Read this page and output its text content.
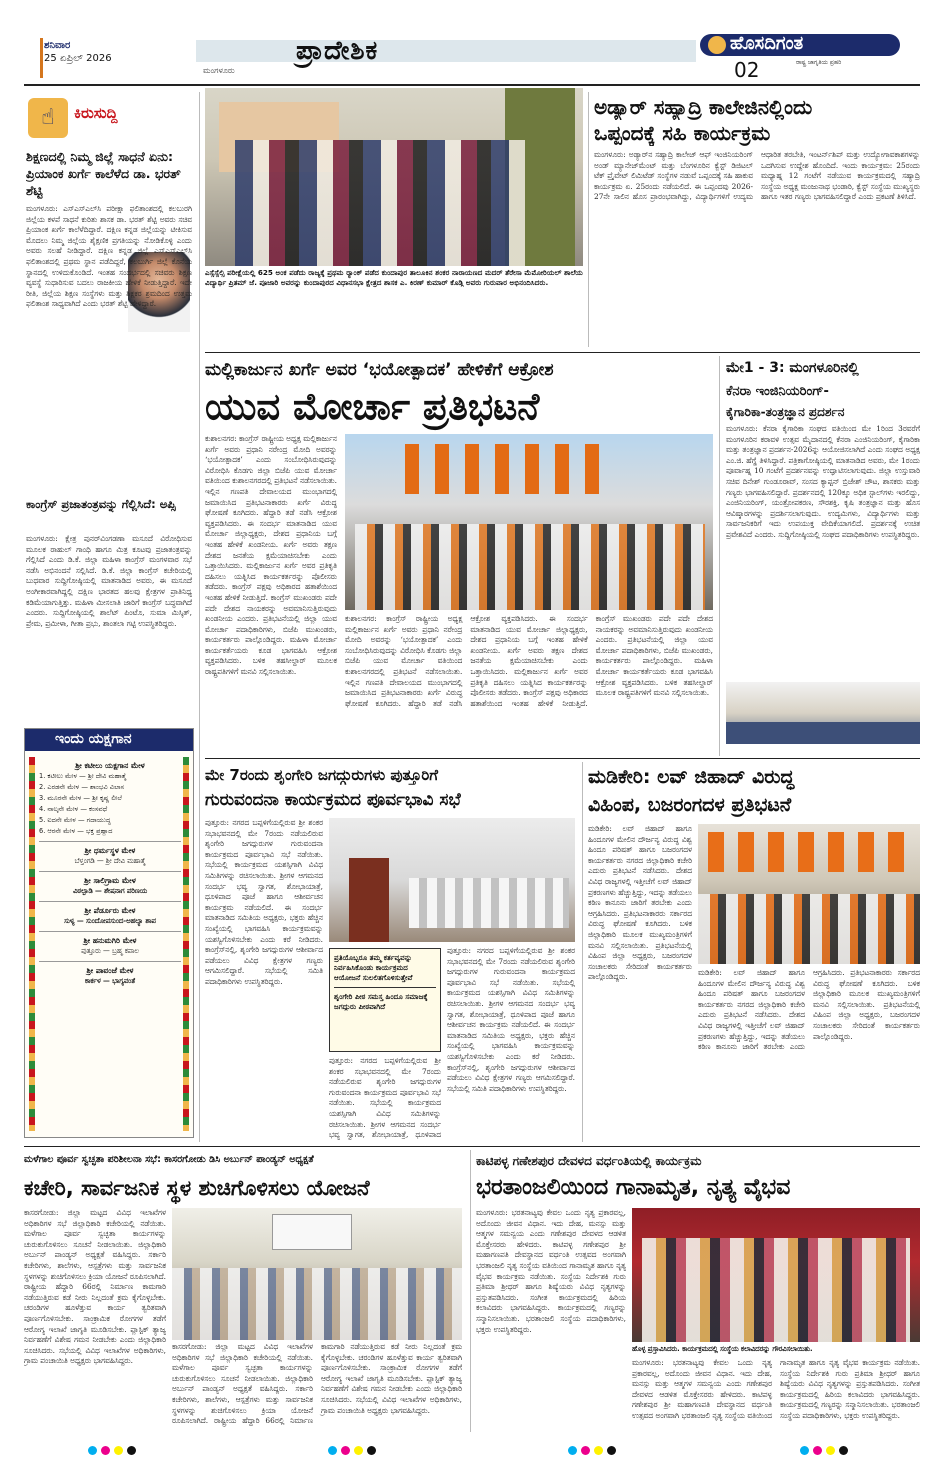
ಶನಿವಾರ
25 ಏಪ್ರಿಲ್ 2026
ಮಂಗಳೂರು
ಪ್ರಾದೇಶಿಕ	ಹೊಸದಿಗಂತ
ರಾಷ್ಟ್ರ ಜಾಗೃತಿಯ ಪ್ರಹರಿ
02
☝	ಕಿರುಸುದ್ದಿ
ಶಿಕ್ಷಣದಲ್ಲಿ ನಿಮ್ಮ ಜಿಲ್ಲೆ ಸಾಧನೆ ಏನು: ಪ್ರಿಯಾಂಕ ಖರ್ಗೆ ಕಾಲೆಳೆದ ಡಾ. ಭರತ್ ಶೆಟ್ಟಿ
ಮಂಗಳೂರು: ಎಸ್‌ಎಸ್‌ಎಲ್‌ಸಿ ಪರೀಕ್ಷಾ ಫಲಿತಾಂಶದಲ್ಲಿ ಕಲಬುರಗಿ ಜಿಲ್ಲೆಯ ಕಳಪೆ ಸಾಧನೆ ಕುರಿತು ಶಾಸಕ ಡಾ. ಭರತ್ ಶೆಟ್ಟಿ ಅವರು ಸಚಿವ ಪ್ರಿಯಾಂಕ ಖರ್ಗೆ ಕಾಲೆಳೆದಿದ್ದಾರೆ. ದಕ್ಷಿಣ ಕನ್ನಡ ಜಿಲ್ಲೆಯನ್ನು ಟೀಕಿಸುವ ಮೊದಲು ನಿಮ್ಮ ಜಿಲ್ಲೆಯ ಶೈಕ್ಷಣಿಕ ಪ್ರಗತಿಯನ್ನು ನೋಡಿಕೊಳ್ಳಿ ಎಂದು ಅವರು ಸಲಹೆ ನೀಡಿದ್ದಾರೆ. ದಕ್ಷಿಣ ಕನ್ನಡ ಜಿಲ್ಲೆ ಎಸ್‌ಎಸ್‌ಎಲ್‌ಸಿ ಫಲಿತಾಂಶದಲ್ಲಿ ಪ್ರಥಮ ಸ್ಥಾನ ಪಡೆದಿದ್ದರೆ, ಕಲಬುರ್ಗಿ ಜಿಲ್ಲೆ ಕೊನೆಯ ಸ್ಥಾನದಲ್ಲಿ ಉಳಿದುಕೊಂಡಿದೆ. ಇಂತಹ ಸಂದರ್ಭದಲ್ಲಿ ಸಚಿವರು ಶಿಕ್ಷಣ ವ್ಯವಸ್ಥೆ ಸುಧಾರಿಸುವ ಬದಲು ರಾಜಕೀಯ ಹೇಳಿಕೆ ನೀಡುತ್ತಿದ್ದಾರೆ. ಇದೇ ರೀತಿ, ಜಿಲ್ಲೆಯ ಶಿಕ್ಷಣ ಸಂಸ್ಥೆಗಳು ಮತ್ತು ಶಿಕ್ಷಕರ ಶ್ರಮದಿಂದ ಉತ್ತಮ ಫಲಿತಾಂಶ ಸಾಧ್ಯವಾಗಿದೆ ಎಂದು ಭರತ್ ಶೆಟ್ಟಿ ಹೇಳಿದ್ದಾರೆ.
ಕಾಂಗ್ರೆಸ್ ಪ್ರಜಾತಂತ್ರವನ್ನು ಗೆಲ್ಲಿಸಿದೆ: ಅಪ್ಸಿ
ಮಂಗಳೂರು: ಕ್ಷೇತ್ರ ಪುನರ್‌ವಿಂಗಡಣಾ ಮಸೂದೆ ವಿರೋಧಿಸುವ ಮೂಲಕ ರಾಹುಲ್ ಗಾಂಧಿ ಹಾಗೂ ಮಿತ್ರ ಕೂಟವು ಪ್ರಜಾತಂತ್ರವನ್ನು ಗೆಲ್ಲಿಸಿದೆ ಎಂದು ಡಿ.ಕೆ. ಜಿಲ್ಲಾ ಮಹಿಳಾ ಕಾಂಗ್ರೆಸ್ ಮಂಗಳವಾರ ಸಭೆ ನಡೆಸಿ ಅಭಿನಂದನೆ ಸಲ್ಲಿಸಿದೆ. ಡಿ.ಕೆ. ಜಿಲ್ಲಾ ಕಾಂಗ್ರೆಸ್ ಕಚೇರಿಯಲ್ಲಿ ಬುಧವಾರ ಸುದ್ದಿಗೋಷ್ಠಿಯಲ್ಲಿ ಮಾತನಾಡಿದ ಅವರು, ಈ ಮಸೂದೆ ಅಂಗೀಕಾರವಾಗಿದ್ದಲ್ಲಿ ದಕ್ಷಿಣ ಭಾರತದ ಹಲವು ಕ್ಷೇತ್ರಗಳ ಪ್ರಾತಿನಿಧ್ಯ ಕಡಿಮೆಯಾಗುತ್ತಿತ್ತು. ಮಹಿಳಾ ಮೀಸಲಾತಿ ಜಾರಿಗೆ ಕಾಂಗ್ರೆಸ್ ಬದ್ಧವಾಗಿದೆ ಎಂದರು. ಸುದ್ದಿಗೋಷ್ಠಿಯಲ್ಲಿ ಶಾಲೆಟ್ ಪಿಂಟೊ, ಸುಮಾ ಮಿಸ್ಕಿತ್, ಪ್ರೇಮ, ಪ್ರಮೀಳಾ, ಗೀತಾ ಪ್ರಭು, ಶಾಂತಲಾ ಗಟ್ಟಿ ಉಪಸ್ಥಿತರಿದ್ದರು.
ಇಂದು ಯಕ್ಷಗಾನ
ಶ್ರೀ ಕಟೀಲು ಯಕ್ಷಗಾನ ಮೇಳ
1. ಕಟೀಲು ಮೇಳ — ಶ್ರೀ ದೇವಿ ಮಹಾತ್ಮೆ
2. ಎರಡನೇ ಮೇಳ — ಶಾಂಭವಿ ವಿಲಾಸ
3. ಮೂರನೇ ಮೇಳ — ಶ್ರೀ ಕೃಷ್ಣ ಲೀಲೆ
4. ನಾಲ್ಕನೇ ಮೇಳ — ಕಂಸವಧೆ
5. ಐದನೇ ಮೇಳ — ಗದಾಯುದ್ಧ
6. ಆರನೇ ಮೇಳ — ಭಕ್ತ ಪ್ರಹ್ಲಾದ
ಶ್ರೀ ಧರ್ಮಸ್ಥಳ ಮೇಳ
ಬೆಳ್ತಂಗಡಿ — ಶ್ರೀ ದೇವಿ ಮಹಾತ್ಮೆ
ಶ್ರೀ ಸಾಲಿಗ್ರಾಮ ಮೇಳ
ವಿಠಲ್ಪಾಡಿ — ಶೇಷನಾಗ ಪರಿಣಯ
ಶ್ರೀ ಪೆರ್ಡೂರು ಮೇಳ
ಸುಳ್ಯ — ಸುಂದೋಪಸುಂದ-ಅಹಲ್ಯಾ ಶಾಪ
ಶ್ರೀ ಹನುಮಗಿರಿ ಮೇಳ
ಪುತ್ತೂರು — ಬ್ರಹ್ಮ ಕಪಾಲ
ಶ್ರೀ ಪಾವಂಜೆ ಮೇಳ
ಕಾರ್ಕಳ — ಭಾಗ್ಯವಂತೆ
ಎಸ್ಸೆಸ್ಸೆಲ್ಸಿ ಪರೀಕ್ಷೆಯಲ್ಲಿ 625 ಅಂಕ ಪಡೆದು ರಾಜ್ಯಕ್ಕೆ ಪ್ರಥಮ ರ‍್ಯಾಂಕ್ ಪಡೆದ ಕುಂದಾಪುರ ತಾಲೂಕಿನ ಶಂಕರ ನಾರಾಯಣದ ಮದರ್ ತೆರೇಸಾ ಮೆಮೋರಿಯಲ್ ಶಾಲೆಯ ವಿದ್ಯಾರ್ಥಿ ಪ್ರಿತಮ್ ಜೆ. ಪೂಜಾರಿ ಅವರನ್ನು ಕುಂದಾಪುರದ ವಿಧಾನಸಭಾ ಕ್ಷೇತ್ರದ ಶಾಸಕ ಎ. ಕಿರಣ್ ಕುಮಾರ್ ಕೊಡ್ಗಿ ಅವರು ಗುರುವಾರ ಅಭಿನಂದಿಸಿದರು.
ಅಡ್ಯಾರ್ ಸಹ್ಯಾದ್ರಿ ಕಾಲೇಜಿನಲ್ಲಿಂದು
ಒಪ್ಪಂದಕ್ಕೆ ಸಹಿ ಕಾರ್ಯಕ್ರಮ
ಮಂಗಳೂರು: ಅಡ್ಯಾರ್‌ನ ಸಹ್ಯಾದ್ರಿ ಕಾಲೇಜ್ ಆಫ್ ಇಂಜಿನಿಯರಿಂಗ್ ಅಂಡ್ ಮ್ಯಾನೇಜ್‌ಮೆಂಟ್ ಮತ್ತು ಬೆಂಗಳೂರಿನ ಕ್ವೆಸ್ಟ್ ಡಿಜಿಟಲ್ ಟೆಕ್ ಪ್ರೈವೇಟ್ ಲಿಮಿಟೆಡ್ ಸಂಸ್ಥೆಗಳ ನಡುವೆ ಒಪ್ಪಂದಕ್ಕೆ ಸಹಿ ಹಾಕುವ ಕಾರ್ಯಕ್ರಮ ಏ. 25ರಂದು ನಡೆಯಲಿದೆ. ಈ ಒಪ್ಪಂದವು 2026-27ನೇ ಸಾಲಿನ ಹೊಸ ಪ್ರಾರಂಭವಾಗಿದ್ದು, ವಿದ್ಯಾರ್ಥಿಗಳಿಗೆ ಉದ್ಯಮ ಆಧಾರಿತ ತರಬೇತಿ, ಇಂಟರ್ನ್‌ಶಿಪ್ ಮತ್ತು ಉದ್ಯೋಗಾವಕಾಶಗಳನ್ನು ಒದಗಿಸುವ ಉದ್ದೇಶ ಹೊಂದಿದೆ. ಇಂದು ಕಾರ್ಯಕ್ರಮ: 25ರಂದು ಮಧ್ಯಾಹ್ನ 12 ಗಂಟೆಗೆ ನಡೆಯುವ ಕಾರ್ಯಕ್ರಮದಲ್ಲಿ ಸಹ್ಯಾದ್ರಿ ಸಂಸ್ಥೆಯ ಅಧ್ಯಕ್ಷ ಮಂಜುನಾಥ ಭಂಡಾರಿ, ಕ್ವೆಸ್ಟ್ ಸಂಸ್ಥೆಯ ಮುಖ್ಯಸ್ಥರು ಹಾಗೂ ಇತರ ಗಣ್ಯರು ಭಾಗವಹಿಸಲಿದ್ದಾರೆ ಎಂದು ಪ್ರಕಟಣೆ ತಿಳಿಸಿದೆ.
ಮಲ್ಲಿಕಾರ್ಜುನ ಖರ್ಗೆ ಅವರ ‘ಭಯೋತ್ಪಾದಕ’ ಹೇಳಿಕೆಗೆ ಆಕ್ರೋಶ
ಯುವ ಮೋರ್ಚಾ ಪ್ರತಿಭಟನೆ
ಕುಶಾಲನಗರ: ಕಾಂಗ್ರೆಸ್ ರಾಷ್ಟ್ರೀಯ ಅಧ್ಯಕ್ಷ ಮಲ್ಲಿಕಾರ್ಜುನ ಖರ್ಗೆ ಅವರು ಪ್ರಧಾನಿ ನರೇಂದ್ರ ಮೋದಿ ಅವರನ್ನು ‘ಭಯೋತ್ಪಾದಕ’ ಎಂದು ಸಂಬೋಧಿಸಿರುವುದನ್ನು ವಿರೋಧಿಸಿ ಕೊಡಗು ಜಿಲ್ಲಾ ಬಿಜೆಪಿ ಯುವ ಮೋರ್ಚಾ ವತಿಯಿಂದ ಕುಶಾಲನಗರದಲ್ಲಿ ಪ್ರತಿಭಟನೆ ನಡೆಸಲಾಯಿತು. ಇಲ್ಲಿನ ಗಣಪತಿ ದೇವಾಲಯದ ಮುಂಭಾಗದಲ್ಲಿ ಜಮಾಯಿಸಿದ ಪ್ರತಿಭಟನಾಕಾರರು ಖರ್ಗೆ ವಿರುದ್ಧ ಘೋಷಣೆ ಕೂಗಿದರು. ಹೆದ್ದಾರಿ ತಡೆ ನಡೆಸಿ ಆಕ್ರೋಶ ವ್ಯಕ್ತಪಡಿಸಿದರು. ಈ ಸಂದರ್ಭ ಮಾತನಾಡಿದ ಯುವ ಮೋರ್ಚಾ ಜಿಲ್ಲಾಧ್ಯಕ್ಷರು, ದೇಶದ ಪ್ರಧಾನಿಯ ಬಗ್ಗೆ ಇಂತಹ ಹೇಳಿಕೆ ಖಂಡನೀಯ. ಖರ್ಗೆ ಅವರು ತಕ್ಷಣ ದೇಶದ ಜನತೆಯ ಕ್ಷಮೆಯಾಚಿಸಬೇಕು ಎಂದು ಒತ್ತಾಯಿಸಿದರು. ಮಲ್ಲಿಕಾರ್ಜುನ ಖರ್ಗೆ ಅವರ ಪ್ರತಿಕೃತಿ ದಹಿಸಲು ಯತ್ನಿಸಿದ ಕಾರ್ಯಕರ್ತರನ್ನು ಪೊಲೀಸರು ತಡೆದರು. ಕಾಂಗ್ರೆಸ್ ಪಕ್ಷವು ಅಧಿಕಾರದ ಹತಾಶೆಯಿಂದ ಇಂತಹ ಹೇಳಿಕೆ ನೀಡುತ್ತಿದೆ. ಕಾಂಗ್ರೆಸ್ ಮುಖಂಡರು ಪದೇ ಪದೇ ದೇಶದ ನಾಯಕರನ್ನು ಅವಮಾನಿಸುತ್ತಿರುವುದು ಖಂಡನೀಯ ಎಂದರು. ಪ್ರತಿಭಟನೆಯಲ್ಲಿ ಜಿಲ್ಲಾ ಯುವ ಮೋರ್ಚಾ ಪದಾಧಿಕಾರಿಗಳು, ಬಿಜೆಪಿ ಮುಖಂಡರು, ಕಾರ್ಯಕರ್ತರು ಪಾಲ್ಗೊಂಡಿದ್ದರು. ಮಹಿಳಾ ಮೋರ್ಚಾ ಕಾರ್ಯಕರ್ತೆಯರು ಕೂಡ ಭಾಗವಹಿಸಿ ಆಕ್ರೋಶ ವ್ಯಕ್ತಪಡಿಸಿದರು. ಬಳಿಕ ತಹಸೀಲ್ದಾರ್ ಮೂಲಕ ರಾಷ್ಟ್ರಪತಿಗಳಿಗೆ ಮನವಿ ಸಲ್ಲಿಸಲಾಯಿತು.
ಕುಶಾಲನಗರ: ಕಾಂಗ್ರೆಸ್ ರಾಷ್ಟ್ರೀಯ ಅಧ್ಯಕ್ಷ ಮಲ್ಲಿಕಾರ್ಜುನ ಖರ್ಗೆ ಅವರು ಪ್ರಧಾನಿ ನರೇಂದ್ರ ಮೋದಿ ಅವರನ್ನು ‘ಭಯೋತ್ಪಾದಕ’ ಎಂದು ಸಂಬೋಧಿಸಿರುವುದನ್ನು ವಿರೋಧಿಸಿ ಕೊಡಗು ಜಿಲ್ಲಾ ಬಿಜೆಪಿ ಯುವ ಮೋರ್ಚಾ ವತಿಯಿಂದ ಕುಶಾಲನಗರದಲ್ಲಿ ಪ್ರತಿಭಟನೆ ನಡೆಸಲಾಯಿತು. ಇಲ್ಲಿನ ಗಣಪತಿ ದೇವಾಲಯದ ಮುಂಭಾಗದಲ್ಲಿ ಜಮಾಯಿಸಿದ ಪ್ರತಿಭಟನಾಕಾರರು ಖರ್ಗೆ ವಿರುದ್ಧ ಘೋಷಣೆ ಕೂಗಿದರು. ಹೆದ್ದಾರಿ ತಡೆ ನಡೆಸಿ ಆಕ್ರೋಶ ವ್ಯಕ್ತಪಡಿಸಿದರು. ಈ ಸಂದರ್ಭ ಮಾತನಾಡಿದ ಯುವ ಮೋರ್ಚಾ ಜಿಲ್ಲಾಧ್ಯಕ್ಷರು, ದೇಶದ ಪ್ರಧಾನಿಯ ಬಗ್ಗೆ ಇಂತಹ ಹೇಳಿಕೆ ಖಂಡನೀಯ. ಖರ್ಗೆ ಅವರು ತಕ್ಷಣ ದೇಶದ ಜನತೆಯ ಕ್ಷಮೆಯಾಚಿಸಬೇಕು ಎಂದು ಒತ್ತಾಯಿಸಿದರು. ಮಲ್ಲಿಕಾರ್ಜುನ ಖರ್ಗೆ ಅವರ ಪ್ರತಿಕೃತಿ ದಹಿಸಲು ಯತ್ನಿಸಿದ ಕಾರ್ಯಕರ್ತರನ್ನು ಪೊಲೀಸರು ತಡೆದರು. ಕಾಂಗ್ರೆಸ್ ಪಕ್ಷವು ಅಧಿಕಾರದ ಹತಾಶೆಯಿಂದ ಇಂತಹ ಹೇಳಿಕೆ ನೀಡುತ್ತಿದೆ. ಕಾಂಗ್ರೆಸ್ ಮುಖಂಡರು ಪದೇ ಪದೇ ದೇಶದ ನಾಯಕರನ್ನು ಅವಮಾನಿಸುತ್ತಿರುವುದು ಖಂಡನೀಯ ಎಂದರು. ಪ್ರತಿಭಟನೆಯಲ್ಲಿ ಜಿಲ್ಲಾ ಯುವ ಮೋರ್ಚಾ ಪದಾಧಿಕಾರಿಗಳು, ಬಿಜೆಪಿ ಮುಖಂಡರು, ಕಾರ್ಯಕರ್ತರು ಪಾಲ್ಗೊಂಡಿದ್ದರು. ಮಹಿಳಾ ಮೋರ್ಚಾ ಕಾರ್ಯಕರ್ತೆಯರು ಕೂಡ ಭಾಗವಹಿಸಿ ಆಕ್ರೋಶ ವ್ಯಕ್ತಪಡಿಸಿದರು. ಬಳಿಕ ತಹಸೀಲ್ದಾರ್ ಮೂಲಕ ರಾಷ್ಟ್ರಪತಿಗಳಿಗೆ ಮನವಿ ಸಲ್ಲಿಸಲಾಯಿತು.
ಮೇ1 - 3: ಮಂಗಳೂರಿನಲ್ಲಿ
ಕೆನರಾ ಇಂಜಿನಿಯರಿಂಗ್-
ಕೈಗಾರಿಕಾ-ತಂತ್ರಜ್ಞಾನ ಪ್ರದರ್ಶನ
ಮಂಗಳೂರು: ಕೆನರಾ ಕೈಗಾರಿಕಾ ಸಂಘದ ವತಿಯಿಂದ ಮೇ 1ರಿಂದ 3ರವರೆಗೆ ಮಂಗಳೂರಿನ ಕರಾವಳಿ ಉತ್ಸವ ಮೈದಾನದಲ್ಲಿ ಕೆನರಾ ಎಂಜಿನಿಯರಿಂಗ್, ಕೈಗಾರಿಕಾ ಮತ್ತು ತಂತ್ರಜ್ಞಾನ ಪ್ರದರ್ಶನ-2026ನ್ನು ಆಯೋಜಿಸಲಾಗಿದೆ ಎಂದು ಸಂಘದ ಅಧ್ಯಕ್ಷ ಎಂ.ಜಿ. ಹೆಗ್ಡೆ ತಿಳಿಸಿದ್ದಾರೆ. ಪತ್ರಿಕಾಗೋಷ್ಠಿಯಲ್ಲಿ ಮಾತನಾಡಿದ ಅವರು, ಮೇ 1ರಂದು ಪೂರ್ವಾಹ್ನ 10 ಗಂಟೆಗೆ ಪ್ರದರ್ಶನವನ್ನು ಉದ್ಘಾಟಿಸಲಾಗುವುದು. ಜಿಲ್ಲಾ ಉಸ್ತುವಾರಿ ಸಚಿವ ದಿನೇಶ್ ಗುಂಡೂರಾವ್, ಸಂಸದ ಕ್ಯಾಪ್ಟನ್ ಬ್ರಿಜೇಶ್ ಚೌಟ, ಶಾಸಕರು ಮತ್ತು ಗಣ್ಯರು ಭಾಗವಹಿಸಲಿದ್ದಾರೆ. ಪ್ರದರ್ಶನದಲ್ಲಿ 120ಕ್ಕೂ ಅಧಿಕ ಸ್ಟಾಲ್‌ಗಳು ಇರಲಿದ್ದು, ಎಂಜಿನಿಯರಿಂಗ್, ಯಂತ್ರೋಪಕರಣ, ಸೌರಶಕ್ತಿ, ಕೃಷಿ ತಂತ್ರಜ್ಞಾನ ಮತ್ತು ಹೊಸ ಆವಿಷ್ಕಾರಗಳನ್ನು ಪ್ರದರ್ಶಿಸಲಾಗುವುದು. ಉದ್ಯಮಿಗಳು, ವಿದ್ಯಾರ್ಥಿಗಳು ಮತ್ತು ಸಾರ್ವಜನಿಕರಿಗೆ ಇದು ಉಪಯುಕ್ತ ವೇದಿಕೆಯಾಗಲಿದೆ. ಪ್ರದರ್ಶನಕ್ಕೆ ಉಚಿತ ಪ್ರವೇಶವಿದೆ ಎಂದರು. ಸುದ್ದಿಗೋಷ್ಠಿಯಲ್ಲಿ ಸಂಘದ ಪದಾಧಿಕಾರಿಗಳು ಉಪಸ್ಥಿತರಿದ್ದರು.
ಮೇ 7ರಂದು ಶೃಂಗೇರಿ ಜಗದ್ಗುರುಗಳು ಪುತ್ತೂರಿಗೆ
ಗುರುವಂದನಾ ಕಾರ್ಯಕ್ರಮದ ಪೂರ್ವಭಾವಿ ಸಭೆ
ಪುತ್ತೂರು: ನಗರದ ಬಪ್ಪಳಿಗೆಯಲ್ಲಿರುವ ಶ್ರೀ ಶಂಕರ ಸಭಾಭವನದಲ್ಲಿ ಮೇ 7ರಂದು ನಡೆಯಲಿರುವ ಶೃಂಗೇರಿ ಜಗದ್ಗುರುಗಳ ಗುರುವಂದನಾ ಕಾರ್ಯಕ್ರಮದ ಪೂರ್ವಭಾವಿ ಸಭೆ ನಡೆಯಿತು. ಸಭೆಯಲ್ಲಿ ಕಾರ್ಯಕ್ರಮದ ಯಶಸ್ಸಿಗಾಗಿ ವಿವಿಧ ಸಮಿತಿಗಳನ್ನು ರಚಿಸಲಾಯಿತು. ಶ್ರೀಗಳ ಆಗಮನದ ಸಂದರ್ಭ ಭವ್ಯ ಸ್ವಾಗತ, ಶೋಭಾಯಾತ್ರೆ, ಧೂಳಿಪಾದ ಪೂಜೆ ಹಾಗೂ ಆಶೀರ್ವಚನ ಕಾರ್ಯಕ್ರಮ ನಡೆಯಲಿದೆ. ಈ ಸಂದರ್ಭ ಮಾತನಾಡಿದ ಸಮಿತಿಯ ಅಧ್ಯಕ್ಷರು, ಭಕ್ತರು ಹೆಚ್ಚಿನ ಸಂಖ್ಯೆಯಲ್ಲಿ ಭಾಗವಹಿಸಿ ಕಾರ್ಯಕ್ರಮವನ್ನು ಯಶಸ್ವಿಗೊಳಿಸಬೇಕು ಎಂದು ಕರೆ ನೀಡಿದರು. ಕಾಂಗ್ರೆಸ್‌ನಲ್ಲಿ, ಶೃಂಗೇರಿ ಜಗದ್ಗುರುಗಳ ಆಶೀರ್ವಾದ ಪಡೆಯಲು ವಿವಿಧ ಕ್ಷೇತ್ರಗಳ ಗಣ್ಯರು ಆಗಮಿಸಲಿದ್ದಾರೆ. ಸಭೆಯಲ್ಲಿ ಸಮಿತಿ ಪದಾಧಿಕಾರಿಗಳು ಉಪಸ್ಥಿತರಿದ್ದರು.
ಪ್ರತಿಯೊಬ್ಬರೂ ತಮ್ಮ ಕರ್ತವ್ಯವನ್ನು ನಿರ್ವಹಿಸಿಕೊಂಡು ಕಾರ್ಯಕ್ರಮದ ಆಯೋಜನೆ ಸುಲಲಿತಗೊಳಿಸುತ್ತೇವೆ
ಶೃಂಗೇರಿ ಪೀಠ ಸಮಸ್ತ ಹಿಂದೂ ಸಮಾಜಕ್ಕೆ ಜಗದ್ಗುರು ಪೀಠವಾಗಿದೆ
ಪುತ್ತೂರು: ನಗರದ ಬಪ್ಪಳಿಗೆಯಲ್ಲಿರುವ ಶ್ರೀ ಶಂಕರ ಸಭಾಭವನದಲ್ಲಿ ಮೇ 7ರಂದು ನಡೆಯಲಿರುವ ಶೃಂಗೇರಿ ಜಗದ್ಗುರುಗಳ ಗುರುವಂದನಾ ಕಾರ್ಯಕ್ರಮದ ಪೂರ್ವಭಾವಿ ಸಭೆ ನಡೆಯಿತು. ಸಭೆಯಲ್ಲಿ ಕಾರ್ಯಕ್ರಮದ ಯಶಸ್ಸಿಗಾಗಿ ವಿವಿಧ ಸಮಿತಿಗಳನ್ನು ರಚಿಸಲಾಯಿತು. ಶ್ರೀಗಳ ಆಗಮನದ ಸಂದರ್ಭ ಭವ್ಯ ಸ್ವಾಗತ, ಶೋಭಾಯಾತ್ರೆ, ಧೂಳಿಪಾದ
ಪುತ್ತೂರು: ನಗರದ ಬಪ್ಪಳಿಗೆಯಲ್ಲಿರುವ ಶ್ರೀ ಶಂಕರ ಸಭಾಭವನದಲ್ಲಿ ಮೇ 7ರಂದು ನಡೆಯಲಿರುವ ಶೃಂಗೇರಿ ಜಗದ್ಗುರುಗಳ ಗುರುವಂದನಾ ಕಾರ್ಯಕ್ರಮದ ಪೂರ್ವಭಾವಿ ಸಭೆ ನಡೆಯಿತು. ಸಭೆಯಲ್ಲಿ ಕಾರ್ಯಕ್ರಮದ ಯಶಸ್ಸಿಗಾಗಿ ವಿವಿಧ ಸಮಿತಿಗಳನ್ನು ರಚಿಸಲಾಯಿತು. ಶ್ರೀಗಳ ಆಗಮನದ ಸಂದರ್ಭ ಭವ್ಯ ಸ್ವಾಗತ, ಶೋಭಾಯಾತ್ರೆ, ಧೂಳಿಪಾದ ಪೂಜೆ ಹಾಗೂ ಆಶೀರ್ವಚನ ಕಾರ್ಯಕ್ರಮ ನಡೆಯಲಿದೆ. ಈ ಸಂದರ್ಭ ಮಾತನಾಡಿದ ಸಮಿತಿಯ ಅಧ್ಯಕ್ಷರು, ಭಕ್ತರು ಹೆಚ್ಚಿನ ಸಂಖ್ಯೆಯಲ್ಲಿ ಭಾಗವಹಿಸಿ ಕಾರ್ಯಕ್ರಮವನ್ನು ಯಶಸ್ವಿಗೊಳಿಸಬೇಕು ಎಂದು ಕರೆ ನೀಡಿದರು. ಕಾಂಗ್ರೆಸ್‌ನಲ್ಲಿ, ಶೃಂಗೇರಿ ಜಗದ್ಗುರುಗಳ ಆಶೀರ್ವಾದ ಪಡೆಯಲು ವಿವಿಧ ಕ್ಷೇತ್ರಗಳ ಗಣ್ಯರು ಆಗಮಿಸಲಿದ್ದಾರೆ. ಸಭೆಯಲ್ಲಿ ಸಮಿತಿ ಪದಾಧಿಕಾರಿಗಳು ಉಪಸ್ಥಿತರಿದ್ದರು.
ಮಡಿಕೇರಿ: ಲವ್ ಜಿಹಾದ್ ವಿರುದ್ಧ
ವಿಹಿಂಪ, ಬಜರಂಗದಳ ಪ್ರತಿಭಟನೆ
ಮಡಿಕೇರಿ: ಲವ್ ಜಿಹಾದ್ ಹಾಗೂ ಹಿಂದೂಗಳ ಮೇಲಿನ ದೌರ್ಜನ್ಯ ವಿರುದ್ಧ ವಿಶ್ವ ಹಿಂದೂ ಪರಿಷತ್ ಹಾಗೂ ಬಜರಂಗದಳ ಕಾರ್ಯಕರ್ತರು ನಗರದ ಜಿಲ್ಲಾಧಿಕಾರಿ ಕಚೇರಿ ಎದುರು ಪ್ರತಿಭಟನೆ ನಡೆಸಿದರು. ದೇಶದ ವಿವಿಧ ರಾಜ್ಯಗಳಲ್ಲಿ ಇತ್ತೀಚೆಗೆ ಲವ್ ಜಿಹಾದ್ ಪ್ರಕರಣಗಳು ಹೆಚ್ಚುತ್ತಿದ್ದು, ಇದನ್ನು ತಡೆಯಲು ಕಠಿಣ ಕಾನೂನು ಜಾರಿಗೆ ತರಬೇಕು ಎಂದು ಆಗ್ರಹಿಸಿದರು. ಪ್ರತಿಭಟನಾಕಾರರು ಸರ್ಕಾರದ ವಿರುದ್ಧ ಘೋಷಣೆ ಕೂಗಿದರು. ಬಳಿಕ ಜಿಲ್ಲಾಧಿಕಾರಿ ಮೂಲಕ ಮುಖ್ಯಮಂತ್ರಿಗಳಿಗೆ ಮನವಿ ಸಲ್ಲಿಸಲಾಯಿತು. ಪ್ರತಿಭಟನೆಯಲ್ಲಿ ವಿಹಿಂಪ ಜಿಲ್ಲಾ ಅಧ್ಯಕ್ಷರು, ಬಜರಂಗದಳ ಸಂಚಾಲಕರು ಸೇರಿದಂತೆ ಕಾರ್ಯಕರ್ತರು ಪಾಲ್ಗೊಂಡಿದ್ದರು.	ಮಡಿಕೇರಿ: ಲವ್ ಜಿಹಾದ್ ಹಾಗೂ ಹಿಂದೂಗಳ ಮೇಲಿನ ದೌರ್ಜನ್ಯ ವಿರುದ್ಧ ವಿಶ್ವ ಹಿಂದೂ ಪರಿಷತ್ ಹಾಗೂ ಬಜರಂಗದಳ ಕಾರ್ಯಕರ್ತರು ನಗರದ ಜಿಲ್ಲಾಧಿಕಾರಿ ಕಚೇರಿ ಎದುರು ಪ್ರತಿಭಟನೆ ನಡೆಸಿದರು. ದೇಶದ ವಿವಿಧ ರಾಜ್ಯಗಳಲ್ಲಿ ಇತ್ತೀಚೆಗೆ ಲವ್ ಜಿಹಾದ್ ಪ್ರಕರಣಗಳು ಹೆಚ್ಚುತ್ತಿದ್ದು, ಇದನ್ನು ತಡೆಯಲು ಕಠಿಣ ಕಾನೂನು ಜಾರಿಗೆ ತರಬೇಕು ಎಂದು ಆಗ್ರಹಿಸಿದರು. ಪ್ರತಿಭಟನಾಕಾರರು ಸರ್ಕಾರದ ವಿರುದ್ಧ ಘೋಷಣೆ ಕೂಗಿದರು. ಬಳಿಕ ಜಿಲ್ಲಾಧಿಕಾರಿ ಮೂಲಕ ಮುಖ್ಯಮಂತ್ರಿಗಳಿಗೆ ಮನವಿ ಸಲ್ಲಿಸಲಾಯಿತು. ಪ್ರತಿಭಟನೆಯಲ್ಲಿ ವಿಹಿಂಪ ಜಿಲ್ಲಾ ಅಧ್ಯಕ್ಷರು, ಬಜರಂಗದಳ ಸಂಚಾಲಕರು ಸೇರಿದಂತೆ ಕಾರ್ಯಕರ್ತರು ಪಾಲ್ಗೊಂಡಿದ್ದರು.
ಮಳೆಗಾಲ ಪೂರ್ವ ಸ್ವಚ್ಛತಾ ಪರಿಶೀಲನಾ ಸಭೆ: ಕಾಸರಗೋಡು ಡಿಸಿ ಅರ್ಬುನ್ ಪಾಂಡ್ಯನ್ ಅಧ್ಯಕ್ಷತೆ
ಕಚೇರಿ, ಸಾರ್ವಜನಿಕ ಸ್ಥಳ ಶುಚಿಗೊಳಿಸಲು ಯೋಜನೆ
ಕಾಸರಗೋಡು: ಜಿಲ್ಲಾ ಮಟ್ಟದ ವಿವಿಧ ಇಲಾಖೆಗಳ ಅಧಿಕಾರಿಗಳ ಸಭೆ ಜಿಲ್ಲಾಧಿಕಾರಿ ಕಚೇರಿಯಲ್ಲಿ ನಡೆಯಿತು. ಮಳೆಗಾಲ ಪೂರ್ವ ಸ್ವಚ್ಛತಾ ಕಾರ್ಯಗಳನ್ನು ಚುರುಕುಗೊಳಿಸಲು ಸೂಚನೆ ನೀಡಲಾಯಿತು. ಜಿಲ್ಲಾಧಿಕಾರಿ ಅರ್ಬುನ್ ಪಾಂಡ್ಯನ್ ಅಧ್ಯಕ್ಷತೆ ವಹಿಸಿದ್ದರು. ಸರ್ಕಾರಿ ಕಚೇರಿಗಳು, ಶಾಲೆಗಳು, ಆಸ್ಪತ್ರೆಗಳು ಮತ್ತು ಸಾರ್ವಜನಿಕ ಸ್ಥಳಗಳನ್ನು ಶುಚಿಗೊಳಿಸಲು ಕ್ರಿಯಾ ಯೋಜನೆ ರೂಪಿಸಲಾಗಿದೆ. ರಾಷ್ಟ್ರೀಯ ಹೆದ್ದಾರಿ 66ರಲ್ಲಿ ನಿರ್ಮಾಣ ಕಾಮಗಾರಿ ನಡೆಯುತ್ತಿರುವ ಕಡೆ ನೀರು ನಿಲ್ಲದಂತೆ ಕ್ರಮ ಕೈಗೊಳ್ಳಬೇಕು. ಚರಂಡಿಗಳ ಹೂಳೆತ್ತುವ ಕಾರ್ಯ ತ್ವರಿತವಾಗಿ ಪೂರ್ಣಗೊಳಿಸಬೇಕು. ಸಾಂಕ್ರಾಮಿಕ ರೋಗಗಳ ತಡೆಗೆ ಆರೋಗ್ಯ ಇಲಾಖೆ ಜಾಗೃತಿ ಮೂಡಿಸಬೇಕು. ಪ್ಲಾಸ್ಟಿಕ್ ತ್ಯಾಜ್ಯ ನಿರ್ವಹಣೆಗೆ ವಿಶೇಷ ಗಮನ ನೀಡಬೇಕು ಎಂದು ಜಿಲ್ಲಾಧಿಕಾರಿ ಸೂಚಿಸಿದರು. ಸಭೆಯಲ್ಲಿ ವಿವಿಧ ಇಲಾಖೆಗಳ ಅಧಿಕಾರಿಗಳು, ಗ್ರಾಮ ಪಂಚಾಯಿತಿ ಅಧ್ಯಕ್ಷರು ಭಾಗವಹಿಸಿದ್ದರು.
ಕಾಸರಗೋಡು: ಜಿಲ್ಲಾ ಮಟ್ಟದ ವಿವಿಧ ಇಲಾಖೆಗಳ ಅಧಿಕಾರಿಗಳ ಸಭೆ ಜಿಲ್ಲಾಧಿಕಾರಿ ಕಚೇರಿಯಲ್ಲಿ ನಡೆಯಿತು. ಮಳೆಗಾಲ ಪೂರ್ವ ಸ್ವಚ್ಛತಾ ಕಾರ್ಯಗಳನ್ನು ಚುರುಕುಗೊಳಿಸಲು ಸೂಚನೆ ನೀಡಲಾಯಿತು. ಜಿಲ್ಲಾಧಿಕಾರಿ ಅರ್ಬುನ್ ಪಾಂಡ್ಯನ್ ಅಧ್ಯಕ್ಷತೆ ವಹಿಸಿದ್ದರು. ಸರ್ಕಾರಿ ಕಚೇರಿಗಳು, ಶಾಲೆಗಳು, ಆಸ್ಪತ್ರೆಗಳು ಮತ್ತು ಸಾರ್ವಜನಿಕ ಸ್ಥಳಗಳನ್ನು ಶುಚಿಗೊಳಿಸಲು ಕ್ರಿಯಾ ಯೋಜನೆ ರೂಪಿಸಲಾಗಿದೆ. ರಾಷ್ಟ್ರೀಯ ಹೆದ್ದಾರಿ 66ರಲ್ಲಿ ನಿರ್ಮಾಣ ಕಾಮಗಾರಿ ನಡೆಯುತ್ತಿರುವ ಕಡೆ ನೀರು ನಿಲ್ಲದಂತೆ ಕ್ರಮ ಕೈಗೊಳ್ಳಬೇಕು. ಚರಂಡಿಗಳ ಹೂಳೆತ್ತುವ ಕಾರ್ಯ ತ್ವರಿತವಾಗಿ ಪೂರ್ಣಗೊಳಿಸಬೇಕು. ಸಾಂಕ್ರಾಮಿಕ ರೋಗಗಳ ತಡೆಗೆ ಆರೋಗ್ಯ ಇಲಾಖೆ ಜಾಗೃತಿ ಮೂಡಿಸಬೇಕು. ಪ್ಲಾಸ್ಟಿಕ್ ತ್ಯಾಜ್ಯ ನಿರ್ವಹಣೆಗೆ ವಿಶೇಷ ಗಮನ ನೀಡಬೇಕು ಎಂದು ಜಿಲ್ಲಾಧಿಕಾರಿ ಸೂಚಿಸಿದರು. ಸಭೆಯಲ್ಲಿ ವಿವಿಧ ಇಲಾಖೆಗಳ ಅಧಿಕಾರಿಗಳು, ಗ್ರಾಮ ಪಂಚಾಯಿತಿ ಅಧ್ಯಕ್ಷರು ಭಾಗವಹಿಸಿದ್ದರು.
ಕಾಟಿಪಳ್ಳ ಗಣೇಶಪುರ ದೇವಳದ ವರ್ಧಂತಿಯಲ್ಲಿ ಕಾರ್ಯಕ್ರಮ
ಭರತಾಂಜಲಿಯಿಂದ ಗಾನಾಮೃತ, ನೃತ್ಯ ವೈಭವ
ಮಂಗಳೂರು: ಭರತನಾಟ್ಯವು ಕೇವಲ ಒಂದು ನೃತ್ಯ ಪ್ರಕಾರವಲ್ಲ, ಅದೊಂದು ಜೀವನ ವಿಧಾನ. ಇದು ದೇಹ, ಮನಸ್ಸು ಮತ್ತು ಆತ್ಮಗಳ ಸಮನ್ವಯ ಎಂದು ಗಣೇಶಪುರ ದೇವಳದ ಆಡಳಿತ ಮೊಕ್ತೇಸರರು ಹೇಳಿದರು. ಕಾಟಿಪಳ್ಳ ಗಣೇಶಪುರ ಶ್ರೀ ಮಹಾಗಣಪತಿ ದೇವಸ್ಥಾನದ ವರ್ಧಂತಿ ಉತ್ಸವದ ಅಂಗವಾಗಿ ಭರತಾಂಜಲಿ ನೃತ್ಯ ಸಂಸ್ಥೆಯ ವತಿಯಿಂದ ಗಾನಾಮೃತ ಹಾಗೂ ನೃತ್ಯ ವೈಭವ ಕಾರ್ಯಕ್ರಮ ನಡೆಯಿತು. ಸಂಸ್ಥೆಯ ನಿರ್ದೇಶಕಿ ಗುರು ಪ್ರತಿಮಾ ಶ್ರೀಧರ್ ಹಾಗೂ ಶಿಷ್ಯೆಯರು ವಿವಿಧ ನೃತ್ಯಗಳನ್ನು ಪ್ರಸ್ತುತಪಡಿಸಿದರು. ಸಂಗೀತ ಕಾರ್ಯಕ್ರಮದಲ್ಲಿ ಹಿರಿಯ ಕಲಾವಿದರು ಭಾಗವಹಿಸಿದ್ದರು. ಕಾರ್ಯಕ್ರಮದಲ್ಲಿ ಗಣ್ಯರನ್ನು ಸನ್ಮಾನಿಸಲಾಯಿತು. ಭರತಾಂಜಲಿ ಸಂಸ್ಥೆಯ ಪದಾಧಿಕಾರಿಗಳು, ಭಕ್ತರು ಉಪಸ್ಥಿತರಿದ್ದರು.
ಹೊಳ್ಳ ಪ್ರಸ್ತಾವಿಸಿದರು. ಕಾರ್ಯಕ್ರಮದಲ್ಲಿ ಸಂಸ್ಥೆಯ ಕಲಾವಿದರನ್ನು ಗೌರವಿಸಲಾಯಿತು.
ಮಂಗಳೂರು: ಭರತನಾಟ್ಯವು ಕೇವಲ ಒಂದು ನೃತ್ಯ ಪ್ರಕಾರವಲ್ಲ, ಅದೊಂದು ಜೀವನ ವಿಧಾನ. ಇದು ದೇಹ, ಮನಸ್ಸು ಮತ್ತು ಆತ್ಮಗಳ ಸಮನ್ವಯ ಎಂದು ಗಣೇಶಪುರ ದೇವಳದ ಆಡಳಿತ ಮೊಕ್ತೇಸರರು ಹೇಳಿದರು. ಕಾಟಿಪಳ್ಳ ಗಣೇಶಪುರ ಶ್ರೀ ಮಹಾಗಣಪತಿ ದೇವಸ್ಥಾನದ ವರ್ಧಂತಿ ಉತ್ಸವದ ಅಂಗವಾಗಿ ಭರತಾಂಜಲಿ ನೃತ್ಯ ಸಂಸ್ಥೆಯ ವತಿಯಿಂದ ಗಾನಾಮೃತ ಹಾಗೂ ನೃತ್ಯ ವೈಭವ ಕಾರ್ಯಕ್ರಮ ನಡೆಯಿತು. ಸಂಸ್ಥೆಯ ನಿರ್ದೇಶಕಿ ಗುರು ಪ್ರತಿಮಾ ಶ್ರೀಧರ್ ಹಾಗೂ ಶಿಷ್ಯೆಯರು ವಿವಿಧ ನೃತ್ಯಗಳನ್ನು ಪ್ರಸ್ತುತಪಡಿಸಿದರು. ಸಂಗೀತ ಕಾರ್ಯಕ್ರಮದಲ್ಲಿ ಹಿರಿಯ ಕಲಾವಿದರು ಭಾಗವಹಿಸಿದ್ದರು. ಕಾರ್ಯಕ್ರಮದಲ್ಲಿ ಗಣ್ಯರನ್ನು ಸನ್ಮಾನಿಸಲಾಯಿತು. ಭರತಾಂಜಲಿ ಸಂಸ್ಥೆಯ ಪದಾಧಿಕಾರಿಗಳು, ಭಕ್ತರು ಉಪಸ್ಥಿತರಿದ್ದರು.
